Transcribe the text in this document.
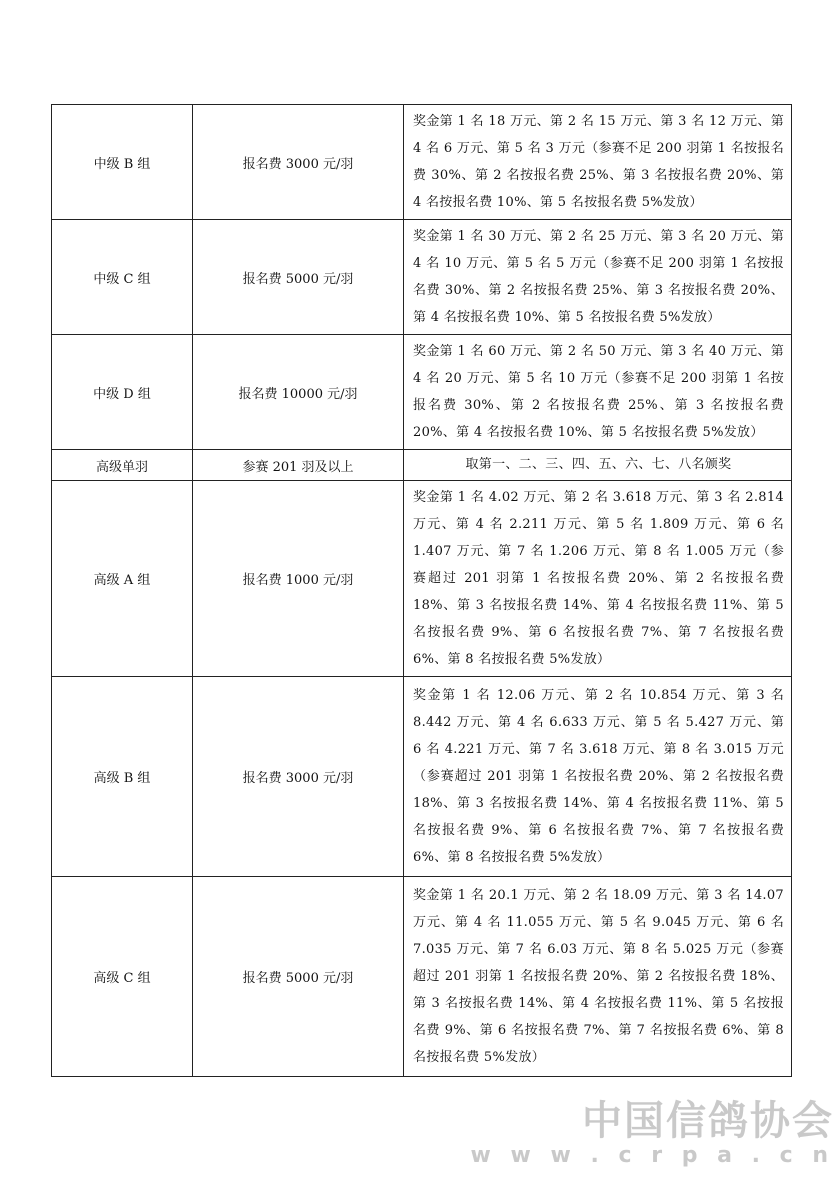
中级 B 组	报名费 3000 元/羽	奖金第 1 名 18 万元、第 2 名 15 万元、第 3 名 12 万元、第 4 名 6 万元、第 5 名 3 万元（参赛不足 200 羽第 1 名按报名费 30%、第 2 名按报名费 25%、第 3 名按报名费 20%、第 4 名按报名费 10%、第 5 名按报名费 5%发放）
中级 C 组	报名费 5000 元/羽	奖金第 1 名 30 万元、第 2 名 25 万元、第 3 名 20 万元、第 4 名 10 万元、第 5 名 5 万元（参赛不足 200 羽第 1 名按报名费 30%、第 2 名按报名费 25%、第 3 名按报名费 20%、第 4 名按报名费 10%、第 5 名按报名费 5%发放）
中级 D 组	报名费 10000 元/羽	奖金第 1 名 60 万元、第 2 名 50 万元、第 3 名 40 万元、第 4 名 20 万元、第 5 名 10 万元（参赛不足 200 羽第 1 名按报名费 30%、第 2 名按报名费 25%、第 3 名按报名费 20%、第 4 名按报名费 10%、第 5 名按报名费 5%发放）
高级单羽	参赛 201 羽及以上	取第一、二、三、四、五、六、七、八名颁奖
高级 A 组	报名费 1000 元/羽	奖金第 1 名 4.02 万元、第 2 名 3.618 万元、第 3 名 2.814 万元、第 4 名 2.211 万元、第 5 名 1.809 万元、第 6 名 1.407 万元、第 7 名 1.206 万元、第 8 名 1.005 万元（参赛超过 201 羽第 1 名按报名费 20%、第 2 名按报名费 18%、第 3 名按报名费 14%、第 4 名按报名费 11%、第 5 名按报名费 9%、第 6 名按报名费 7%、第 7 名按报名费 6%、第 8 名按报名费 5%发放）
高级 B 组	报名费 3000 元/羽	奖金第 1 名 12.06 万元、第 2 名 10.854 万元、第 3 名 8.442 万元、第 4 名 6.633 万元、第 5 名 5.427 万元、第 6 名 4.221 万元、第 7 名 3.618 万元、第 8 名 3.015 万元（参赛超过 201 羽第 1 名按报名费 20%、第 2 名按报名费 18%、第 3 名按报名费 14%、第 4 名按报名费 11%、第 5 名按报名费 9%、第 6 名按报名费 7%、第 7 名按报名费 6%、第 8 名按报名费 5%发放）
高级 C 组	报名费 5000 元/羽	奖金第 1 名 20.1 万元、第 2 名 18.09 万元、第 3 名 14.07 万元、第 4 名 11.055 万元、第 5 名 9.045 万元、第 6 名 7.035 万元、第 7 名 6.03 万元、第 8 名 5.025 万元（参赛超过 201 羽第 1 名按报名费 20%、第 2 名按报名费 18%、第 3 名按报名费 14%、第 4 名按报名费 11%、第 5 名按报名费 9%、第 6 名按报名费 7%、第 7 名按报名费 6%、第 8 名按报名费 5%发放）
中国信鸽协会
w w w . c r p a . c n
